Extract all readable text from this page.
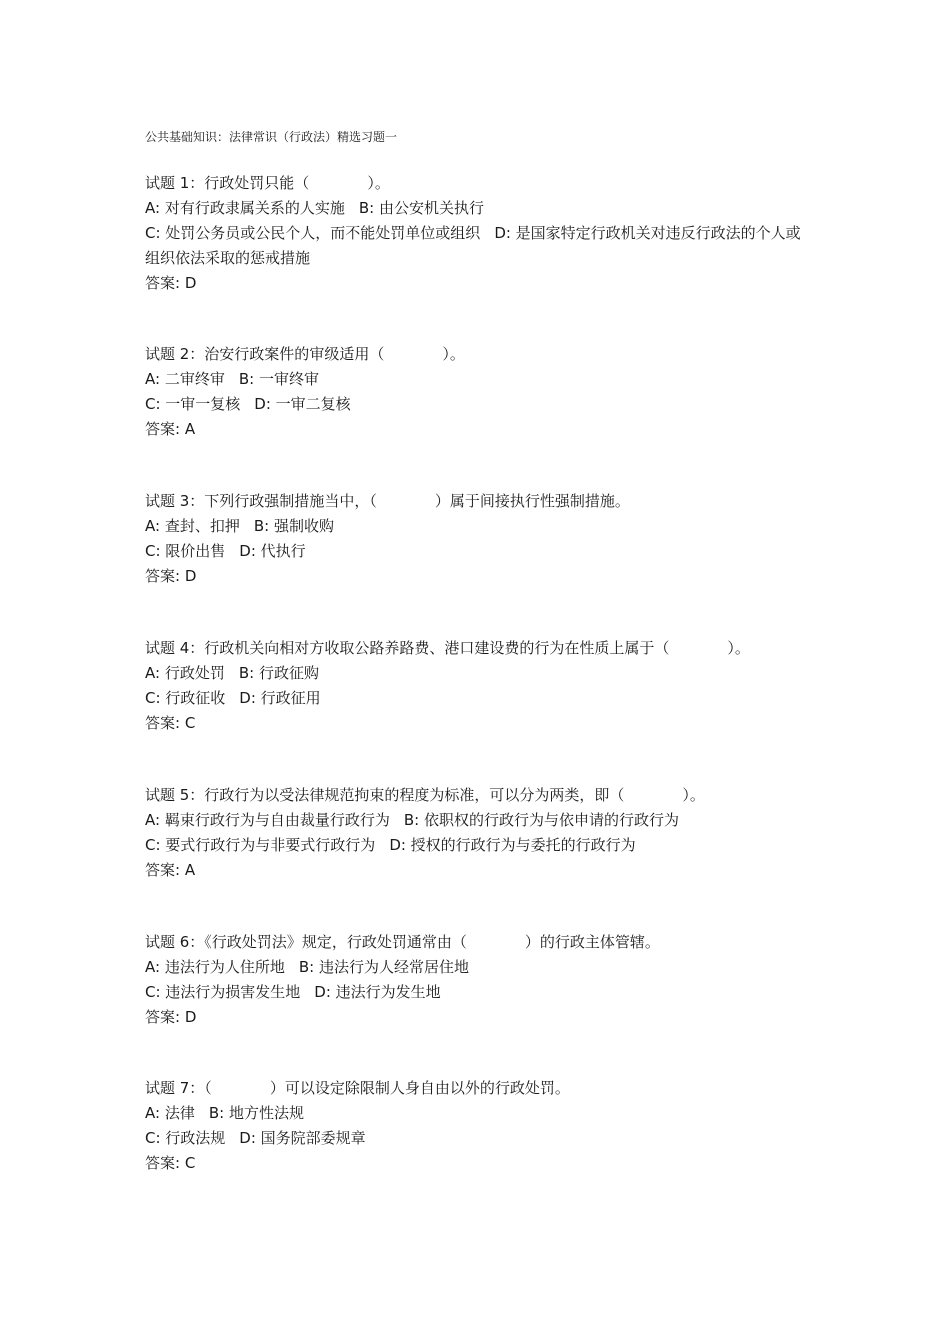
公共基础知识：法律常识（行政法）精选习题一
试题 1：行政处罚只能（	）。
A: 对有行政隶属关系的人实施 B: 由公安机关执行
C: 处罚公务员或公民个人，而不能处罚单位或组织 D: 是国家特定行政机关对违反行政法的个人或组织依法采取的惩戒措施
答案: D
试题 2：治安行政案件的审级适用（	）。
A: 二审终审 B: 一审终审
C: 一审一复核 D: 一审二复核
答案: A
试题 3：下列行政强制措施当中，（	）属于间接执行性强制措施。
A: 查封、扣押 B: 强制收购
C: 限价出售 D: 代执行
答案: D
试题 4：行政机关向相对方收取公路养路费、港口建设费的行为在性质上属于（	）。
A: 行政处罚 B: 行政征购
C: 行政征收 D: 行政征用
答案: C
试题 5：行政行为以受法律规范拘束的程度为标准，可以分为两类，即（	）。
A: 羁束行政行为与自由裁量行政行为 B: 依职权的行政行为与依申请的行政行为
C: 要式行政行为与非要式行政行为 D: 授权的行政行为与委托的行政行为
答案: A
试题 6：《行政处罚法》规定，行政处罚通常由（	）的行政主体管辖。
A: 违法行为人住所地 B: 违法行为人经常居住地
C: 违法行为损害发生地 D: 违法行为发生地
答案: D
试题 7：（	）可以设定除限制人身自由以外的行政处罚。
A: 法律 B: 地方性法规
C: 行政法规 D: 国务院部委规章
答案: C
